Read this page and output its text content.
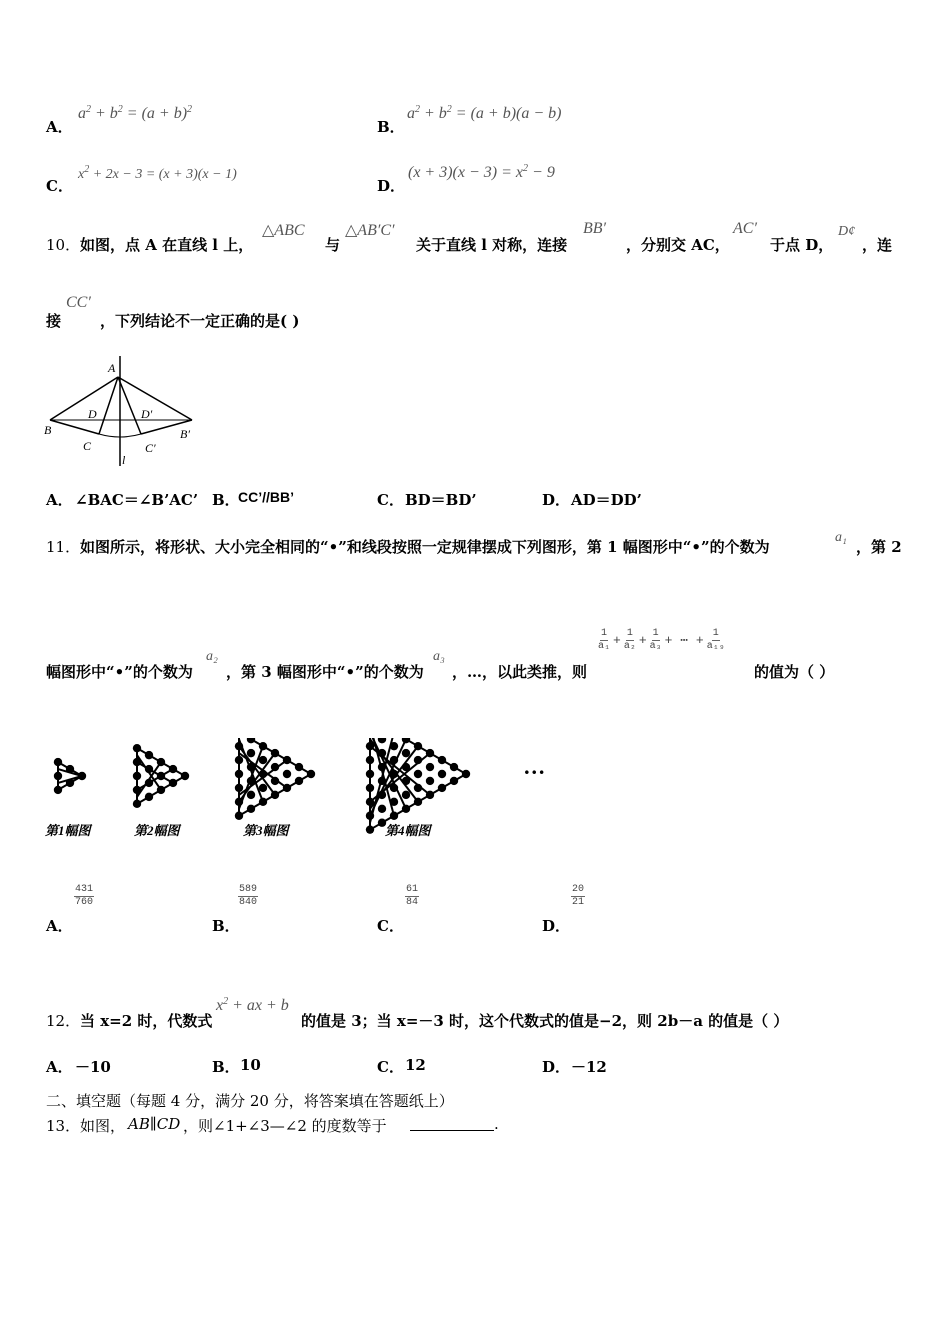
A．
$a^2 + b^2 = (a + b)^2$
B．
$a^2 + b^2 = (a + b)(a - b)$
C．
$x^2 + 2x - 3 = (x + 3)(x - 1)$
D．
$(x + 3)(x - 3) = x^2 - 9$
10． 如图，点 A 在直线 l 上，
△ABC
与
△AB′C′
关于直线 l 对称，连接
BB′
，分别交 AC，
AC′
于点 D，
D¢
，连
接
CC′
，下列结论不一定正确的是( )
A
B	B′
C	C′
D	D′
l
A． ∠BAC＝∠B’AC’ B．
CC’//BB’	C． BD＝BD’	D． AD＝DD’
11． 如图所示，将形状、大小完全相同的“•”和线段按照一定规律摆成下列图形，第 1 幅图形中“•”的个数为
a₁
，第 2
幅图形中“•”的个数为
a₂
，第 3 幅图形中“•”的个数为
a₃
，…，以此类推，则
$\frac{1}{\text{a₁}} + \frac{1}{\text{a₂}} + \frac{1}{\text{a₃}}$ + ⋯ + $\frac{1}{\text{a₁₉}}$
的值为（ ）
…
第1幅图	第2幅图	第3幅图	第4幅图
A．
$\frac{431}{760}$
B．
$\frac{589}{840}$
C．
$\frac{61}{84}$
D．
$\frac{20}{21}$
12． 当 x=2 时，代数式
$x^2$ + ax + b
的值是 3；当 x=－3 时，这个代数式的值是−2，则 2b－a 的值是（ ）
A． －10	B． 10	C． 12	D． －12
二、填空题（每题 4 分，满分 20 分，将答案填在答题纸上）
13． 如图， AB∥CD ，则∠1+∠3—∠2 的度数等于	.
